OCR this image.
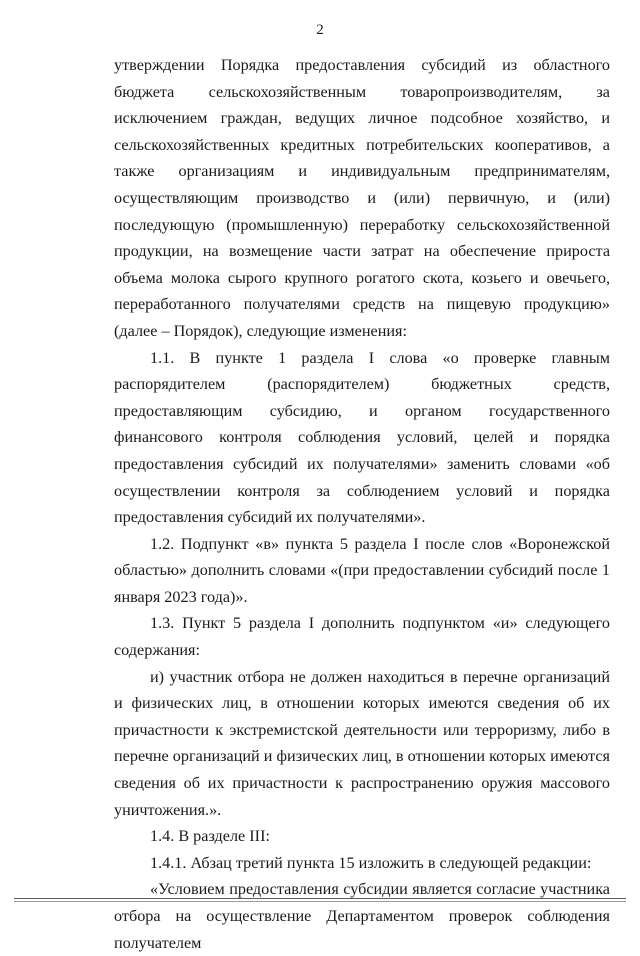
2

утверждении Порядка предоставления субсидий из областного бюджета сельскохозяйственным товаропроизводителям, за исключением граждан, ведущих личное подсобное хозяйство, и сельскохозяйственных кредитных потребительских кооперативов, а также организациям и индивидуальным предпринимателям, осуществляющим производство и (или) первичную, и (или) последующую (промышленную) переработку сельскохозяйственной продукции, на возмещение части затрат на обеспечение прироста объема молока сырого крупного рогатого скота, козьего и овечьего, переработанного получателями средств на пищевую продукцию» (далее – Порядок), следующие изменения:

1.1. В пункте 1 раздела I слова «о проверке главным распорядителем (распорядителем) бюджетных средств, предоставляющим субсидию, и органом государственного финансового контроля соблюдения условий, целей и порядка предоставления субсидий их получателями» заменить словами «об осуществлении контроля за соблюдением условий и порядка предоставления субсидий их получателями».

1.2. Подпункт «в» пункта 5 раздела I после слов «Воронежской областью» дополнить словами «(при предоставлении субсидий после 1 января 2023 года)».

1.3. Пункт 5 раздела I дополнить подпунктом «и» следующего содержания:

и) участник отбора не должен находиться в перечне организаций и физических лиц, в отношении которых имеются сведения об их причастности к экстремистской деятельности или терроризму, либо в перечне организаций и физических лиц, в отношении которых имеются сведения об их причастности к распространению оружия массового уничтожения.».

1.4. В разделе III:

1.4.1. Абзац третий пункта 15 изложить в следующей редакции:

«Условием предоставления субсидии является согласие участника отбора на осуществление Департаментом проверок соблюдения получателем
